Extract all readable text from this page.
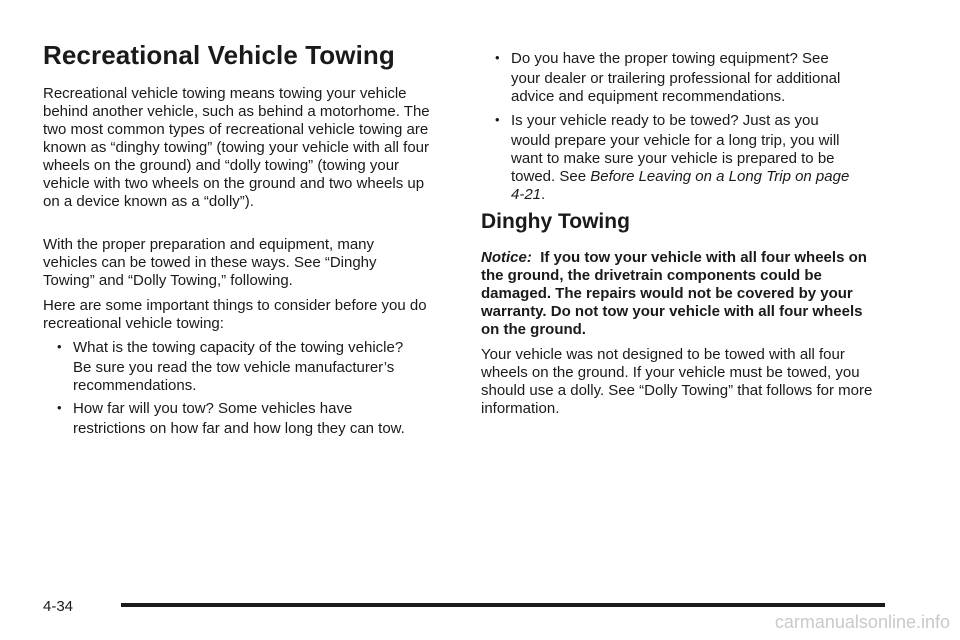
Recreational Vehicle Towing

Recreational vehicle towing means towing your vehicle behind another vehicle, such as behind a motorhome. The two most common types of recreational vehicle towing are known as “dinghy towing” (towing your vehicle with all four wheels on the ground) and “dolly towing” (towing your vehicle with two wheels on the ground and two wheels up on a device known as a “dolly”).

With the proper preparation and equipment, many vehicles can be towed in these ways. See “Dinghy Towing” and “Dolly Towing,” following.

Here are some important things to consider before you do recreational vehicle towing:

• What is the towing capacity of the towing vehicle?
Be sure you read the tow vehicle manufacturer’s recommendations.
• How far will you tow? Some vehicles have
restrictions on how far and how long they can tow.
• Do you have the proper towing equipment? See
your dealer or trailering professional for additional advice and equipment recommendations.
• Is your vehicle ready to be towed? Just as you
would prepare your vehicle for a long trip, you will want to make sure your vehicle is prepared to be towed. See Before Leaving on a Long Trip on page 4-21.
Dinghy Towing

Notice: If you tow your vehicle with all four wheels on the ground, the drivetrain components could be damaged. The repairs would not be covered by your warranty. Do not tow your vehicle with all four wheels on the ground.

Your vehicle was not designed to be towed with all four wheels on the ground. If your vehicle must be towed, you should use a dolly. See “Dolly Towing” that follows for more information.

4-34
carmanualsonline.info
